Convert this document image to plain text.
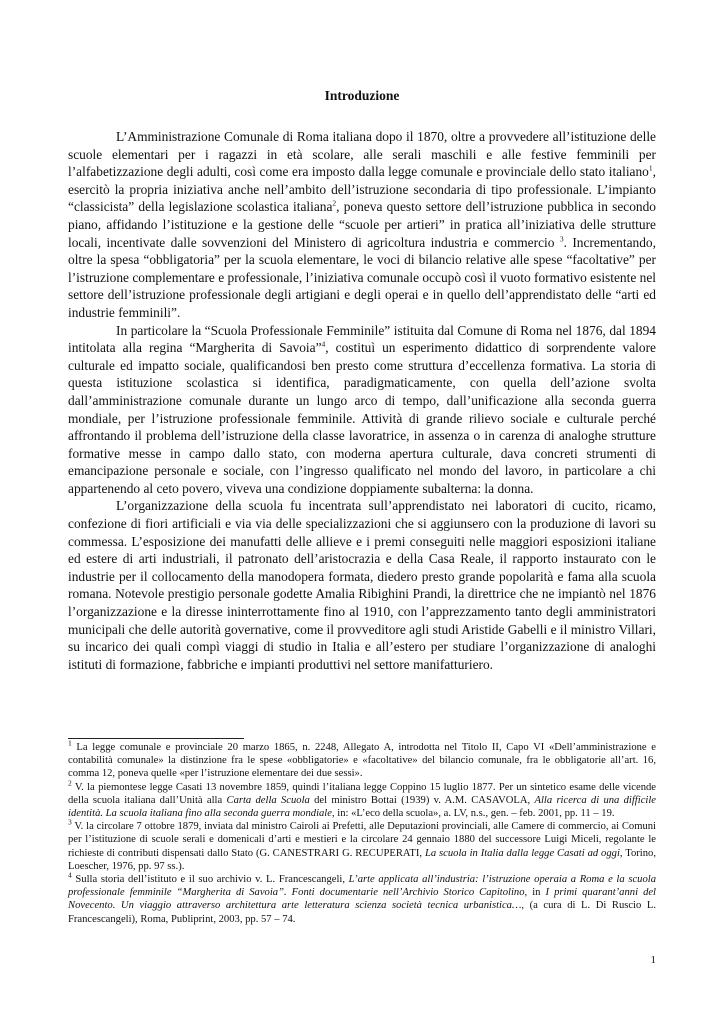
Introduzione

L’Amministrazione Comunale di Roma italiana dopo il 1870, oltre a provvedere all’istituzione delle scuole elementari per i ragazzi in età scolare, alle serali maschili e alle festive femminili per l’alfabetizzazione degli adulti, così come era imposto dalla legge comunale e provinciale dello stato italiano$^1$, esercitò la propria iniziativa anche nell’ambito dell’istruzione secondaria di tipo professionale. L’impianto “classicista” della legislazione scolastica italiana$^2$, poneva questo settore dell’istruzione pubblica in secondo piano, affidando l’istituzione e la gestione delle “scuole per artieri” in pratica all’iniziativa delle strutture locali, incentivate dalle sovvenzioni del Ministero di agricoltura industria e commercio $^3$. Incrementando, oltre la spesa “obbligatoria” per la scuola elementare, le voci di bilancio relative alle spese “facoltative” per l’istruzione complementare e professionale, l’iniziativa comunale occupò così il vuoto formativo esistente nel settore dell’istruzione professionale degli artigiani e degli operai e in quello dell’apprendistato delle “arti ed industrie femminili”.

In particolare la “Scuola Professionale Femminile” istituita dal Comune di Roma nel 1876, dal 1894 intitolata alla regina “Margherita di Savoia”$^4$, costituì un esperimento didattico di sorprendente valore culturale ed impatto sociale, qualificandosi ben presto come struttura d’eccellenza formativa. La storia di questa istituzione scolastica si identifica, paradigmaticamente, con quella dell’azione svolta dall’amministrazione comunale durante un lungo arco di tempo, dall’unificazione alla seconda guerra mondiale, per l’istruzione professionale femminile. Attività di grande rilievo sociale e culturale perché affrontando il problema dell’istruzione della classe lavoratrice, in assenza o in carenza di analoghe strutture formative messe in campo dallo stato, con moderna apertura culturale, dava concreti strumenti di emancipazione personale e sociale, con l’ingresso qualificato nel mondo del lavoro, in particolare a chi appartenendo al ceto povero, viveva una condizione doppiamente subalterna: la donna.

L’organizzazione della scuola fu incentrata sull’apprendistato nei laboratori di cucito, ricamo, confezione di fiori artificiali e via via delle specializzazioni che si aggiunsero con la produzione di lavori su commessa. L’esposizione dei manufatti delle allieve e i premi conseguiti nelle maggiori esposizioni italiane ed estere di arti industriali, il patronato dell’aristocrazia e della Casa Reale, il rapporto instaurato con le industrie per il collocamento della manodopera formata, diedero presto grande popolarità e fama alla scuola romana. Notevole prestigio personale godette Amalia Ribighini Prandi, la direttrice che ne impiantò nel 1876 l’organizzazione e la diresse ininterrottamente fino al 1910, con l’apprezzamento tanto degli amministratori municipali che delle autorità governative, come il provveditore agli studi Aristide Gabelli e il ministro Villari, su incarico dei quali compì viaggi di studio in Italia e all’estero per studiare l’organizzazione di analoghi istituti di formazione, fabbriche e impianti produttivi nel settore manifatturiero.

$^1$ La legge comunale e provinciale 20 marzo 1865, n. 2248, Allegato A, introdotta nel Titolo II, Capo VI «Dell’amministrazione e contabilità comunale» la distinzione fra le spese «obbligatorie» e «facoltative» del bilancio comunale, fra le obbligatorie all’art. 16, comma 12, poneva quelle «per l’istruzione elementare dei due sessi».

$^2$ V. la piemontese legge Casati 13 novembre 1859, quindi l’italiana legge Coppino 15 luglio 1877. Per un sintetico esame delle vicende della scuola italiana dall’Unità alla Carta della Scuola del ministro Bottai (1939) v. A.M. CASAVOLA, Alla ricerca di una difficile identità. La scuola italiana fino alla seconda guerra mondiale, in: «L’eco della scuola», a. LV, n.s., gen. – feb. 2001, pp. 11 – 19.

$^3$ V. la circolare 7 ottobre 1879, inviata dal ministro Cairoli ai Prefetti, alle Deputazioni provinciali, alle Camere di commercio, ai Comuni per l’istituzione di scuole serali e domenicali d’arti e mestieri e la circolare 24 gennaio 1880 del successore Luigi Miceli, regolante le richieste di contributi dispensati dallo Stato (G. CANESTRARI G. RECUPERATI, La scuola in Italia dalla legge Casati ad oggi, Torino, Loescher, 1976, pp. 97 ss.).

$^4$ Sulla storia dell’istituto e il suo archivio v. L. Francescangeli, L’arte applicata all’industria: l’istruzione operaia a Roma e la scuola professionale femminile “Margherita di Savoia”. Fonti documentarie nell’Archivio Storico Capitolino, in I primi quarant’anni del Novecento. Un viaggio attraverso architettura arte letteratura scienza società tecnica urbanistica…, (a cura di L. Di Ruscio L. Francescangeli), Roma, Publiprint, 2003, pp. 57 – 74.

1
